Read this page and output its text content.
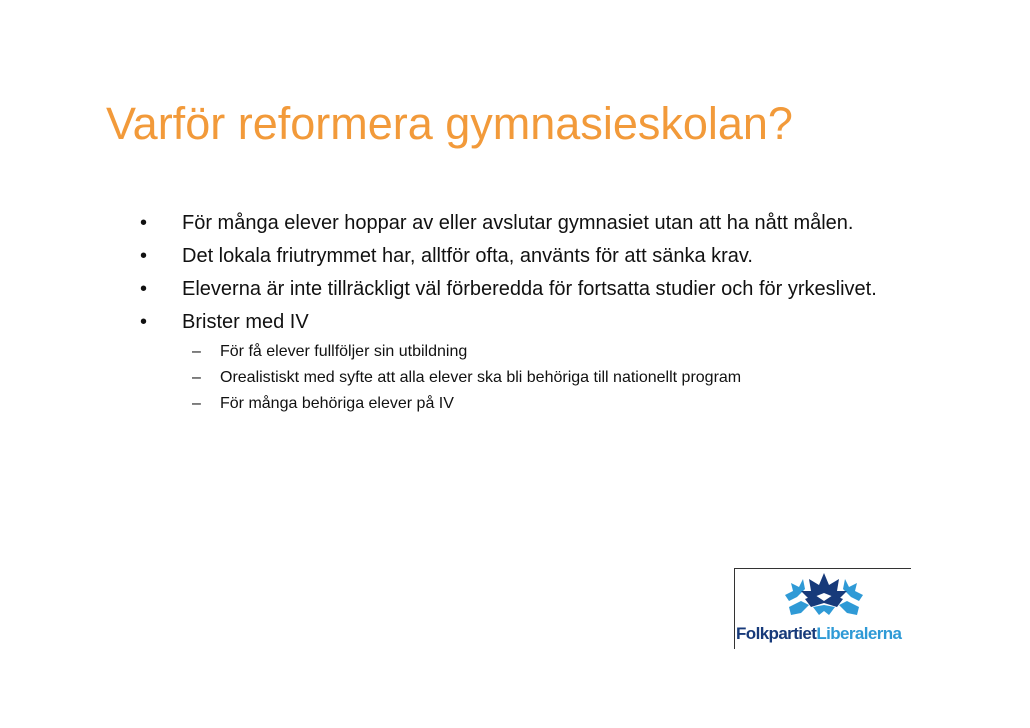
Varför reformera gymnasieskolan?
• För många elever hoppar av eller avslutar gymnasiet utan att ha nått målen.
• Det lokala friutrymmet har, alltför ofta, använts för att sänka krav.
• Eleverna är inte tillräckligt väl förberedda för fortsatta studier och för yrkeslivet.
• Brister med IV
– För få elever fullföljer sin utbildning
– Orealistiskt med syfte att alla elever ska bli behöriga till nationellt program
– För många behöriga elever på IV
FolkpartietLiberalerna
